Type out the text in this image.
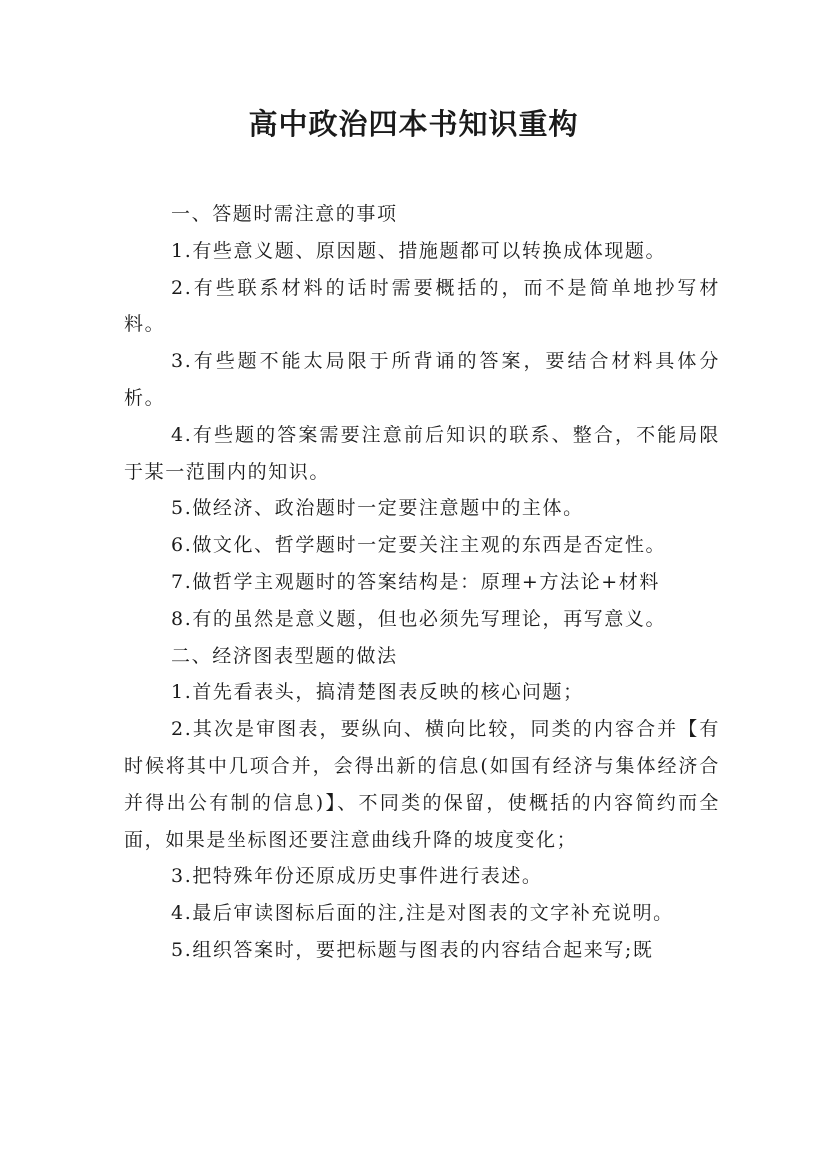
高中政治四本书知识重构

一、答题时需注意的事项

1.有些意义题、原因题、措施题都可以转换成体现题。

2.有些联系材料的话时需要概括的，而不是简单地抄写材料。

3.有些题不能太局限于所背诵的答案，要结合材料具体分析。

4.有些题的答案需要注意前后知识的联系、整合，不能局限于某一范围内的知识。

5.做经济、政治题时一定要注意题中的主体。

6.做文化、哲学题时一定要关注主观的东西是否定性。

7.做哲学主观题时的答案结构是：原理+方法论+材料

8.有的虽然是意义题，但也必须先写理论，再写意义。

二、经济图表型题的做法

1.首先看表头，搞清楚图表反映的核心问题；

2.其次是审图表，要纵向、横向比较，同类的内容合并【有时候将其中几项合并，会得出新的信息(如国有经济与集体经济合并得出公有制的信息)】、不同类的保留，使概括的内容简约而全面，如果是坐标图还要注意曲线升降的坡度变化；

3.把特殊年份还原成历史事件进行表述。

4.最后审读图标后面的注,注是对图表的文字补充说明。

5.组织答案时，要把标题与图表的内容结合起来写;既
